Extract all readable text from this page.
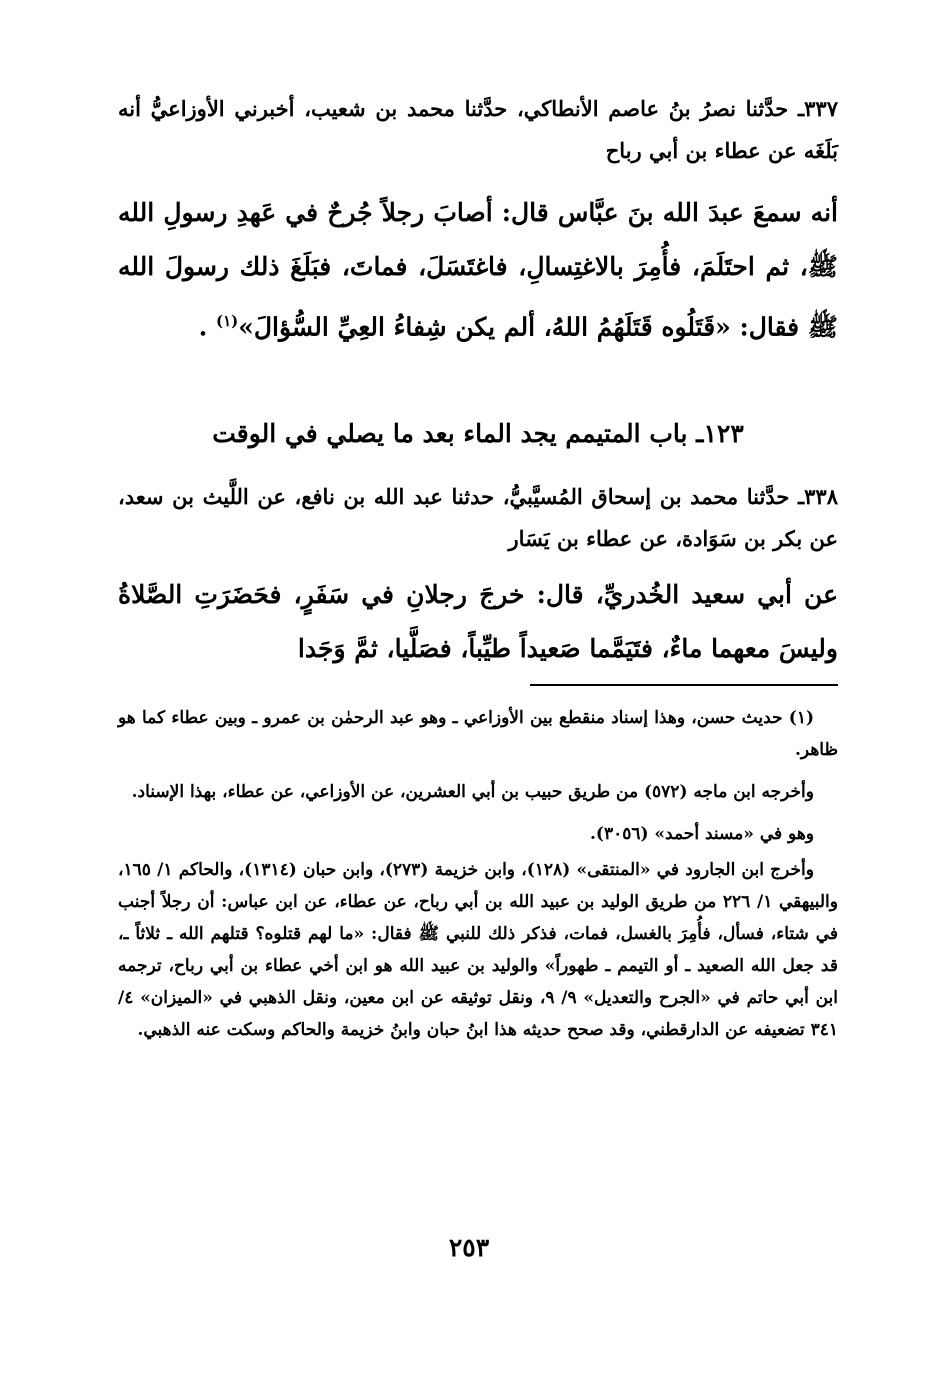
٣٣٧ـ حدَّثنا نصرُ بنُ عاصم الأنطاكي، حدَّثنا محمد بن شعيب، أخبرني الأوزاعيُّ أنه بَلَغَه عن عطاء بن أبي رباح
أنه سمعَ عبدَ الله بنَ عبَّاس قال: أصابَ رجلاً جُرحٌ في عَهدِ رسولِ الله ﷺ، ثم احتَلَمَ، فأُمِرَ بالاغتِسالِ، فاغتَسَلَ، فماتَ، فبَلَغَ ذلك رسولَ الله ﷺ فقال: «قَتَلُوه قَتَلَهُمُ اللهُ، ألم يكن شِفاءُ العِيِّ السُّؤالَ»$^{(١)}$ .
١٢٣ـ باب المتيمم يجد الماء بعد ما يصلي في الوقت
٣٣٨ـ حدَّثنا محمد بن إسحاق المُسيَّبيُّ، حدثنا عبد الله بن نافع، عن اللَّيث بن سعد، عن بكر بن سَوَادة، عن عطاء بن يَسَار
عن أبي سعيد الخُدريِّ، قال: خرجَ رجلانِ في سَفَرٍ، فحَضَرَتِ الصَّلاةُ وليسَ معهما ماءٌ، فتَيَمَّما صَعيداً طيِّباً، فصَلَّيا، ثمَّ وَجَدا

(١) حديث حسن، وهذا إسناد منقطع بين الأوزاعي ـ وهو عبد الرحمٰن بن عمرو ـ وبين عطاء كما هو ظاهر.

وأخرجه ابن ماجه (٥٧٢) من طريق حبيب بن أبي العشرين، عن الأوزاعي، عن عطاء، بهذا الإسناد.

وهو في «مسند أحمد» (٣٠٥٦).

وأخرج ابن الجارود في «المنتقى» (١٢٨)، وابن خزيمة (٢٧٣)، وابن حبان (١٣١٤)، والحاكم ١/ ١٦٥، والبيهقي ١/ ٢٢٦ من طريق الوليد بن عبيد الله بن أبي رباح، عن عطاء، عن ابن عباس: أن رجلاً أجنب في شتاء، فسأل، فأُمِرَ بالغسل، فمات، فذكر ذلك للنبي ﷺ فقال: «ما لهم قتلوه؟ قتلهم الله ـ ثلاثاً ـ، قد جعل الله الصعيد ـ أو التيمم ـ طهوراً» والوليد بن عبيد الله هو ابن أخي عطاء بن أبي رباح، ترجمه ابن أبي حاتم في «الجرح والتعديل» ٩/ ٩، ونقل توثيقه عن ابن معين، ونقل الذهبي في «الميزان» ٤/ ٣٤١ تضعيفه عن الدارقطني، وقد صحح حديثه هذا ابنُ حبان وابنُ خزيمة والحاكم وسكت عنه الذهبي.

٢٥٣
